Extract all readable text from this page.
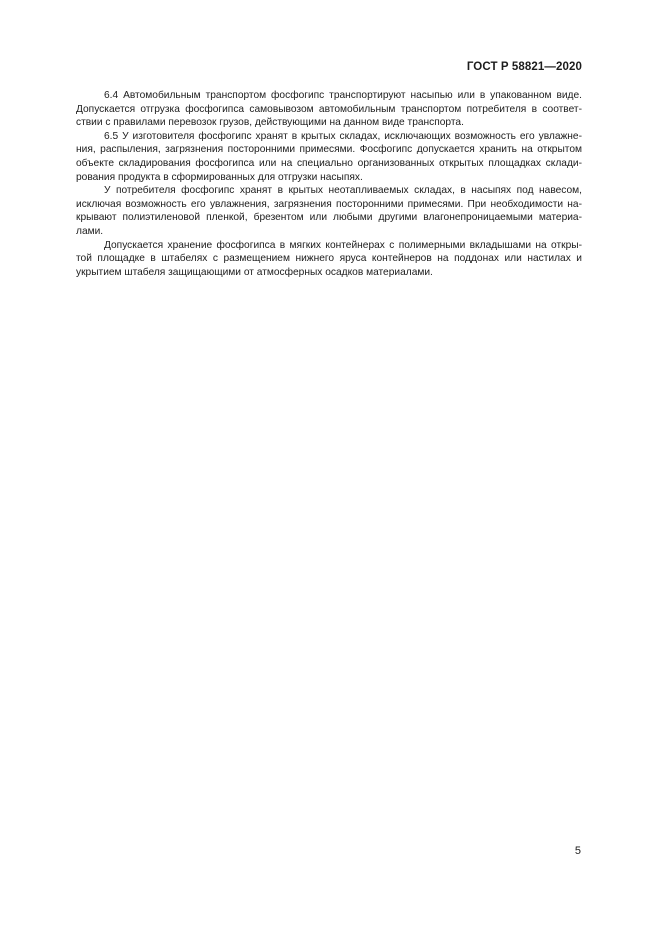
ГОСТ Р 58821—2020

6.4 Автомобильным транспортом фосфогипс транспортируют насыпью или в упакованном виде.
Допускается отгрузка фосфогипса самовывозом автомобильным транспортом потребителя в соответ-
ствии с правилами перевозок грузов, действующими на данном виде транспорта.

6.5 У изготовителя фосфогипс хранят в крытых складах, исключающих возможность его увлажне-
ния, распыления, загрязнения посторонними примесями. Фосфогипс допускается хранить на открытом
объекте складирования фосфогипса или на специально организованных открытых площадках склади-
рования продукта в сформированных для отгрузки насыпях.

У потребителя фосфогипс хранят в крытых неотапливаемых складах, в насыпях под навесом,
исключая возможность его увлажнения, загрязнения посторонними примесями. При необходимости на-
крывают полиэтиленовой пленкой, брезентом или любыми другими влагонепроницаемыми материа-
лами.

Допускается хранение фосфогипса в мягких контейнерах с полимерными вкладышами на откры-
той площадке в штабелях с размещением нижнего яруса контейнеров на поддонах или настилах и
укрытием штабеля защищающими от атмосферных осадков материалами.

5
